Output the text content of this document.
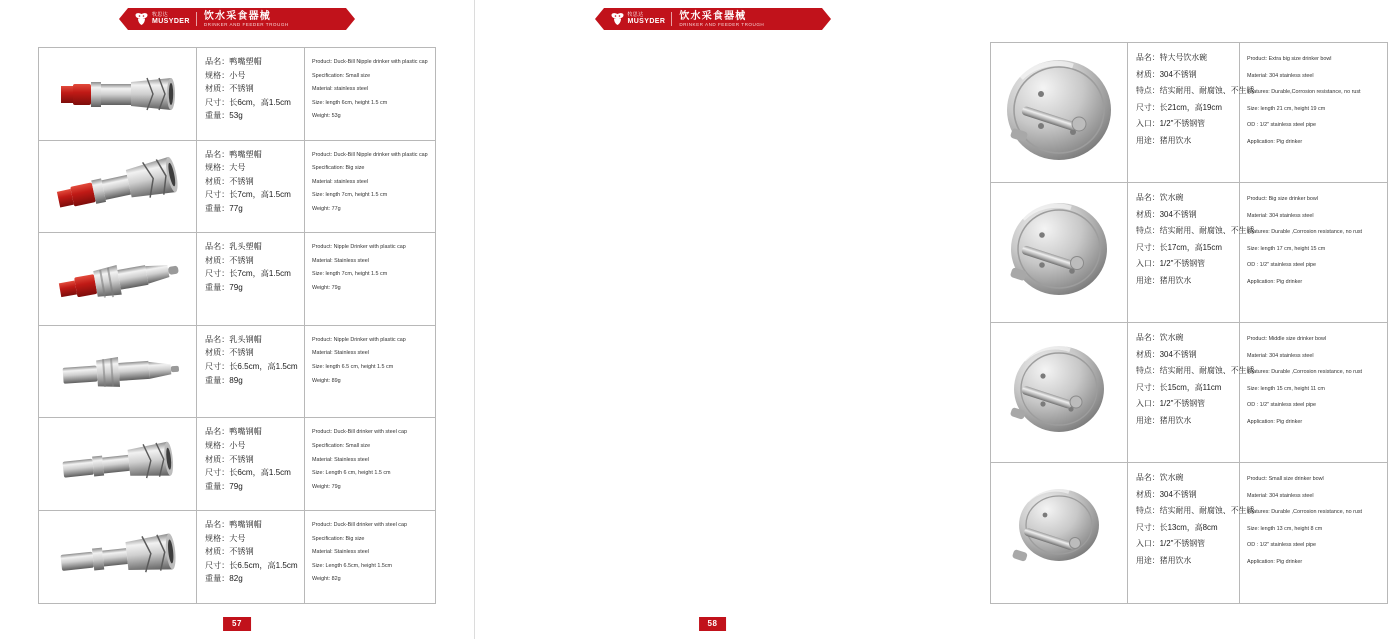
牧思达
MUSYDER 饮水采食器械
DRINKER AND FEEDER TROUGH
品名：鸭嘴塑帽
规格：小号
材质：不锈钢
尺寸：长6cm，高1.5cm
重量：53g
Product: Duck-Bill Nipple drinker with plastic cap
Specification: Small size
Material: stainless steel
Size: length 6cm, height 1.5 cm
Weight: 53g
品名：鸭嘴塑帽
规格：大号
材质：不锈钢
尺寸：长7cm，高1.5cm
重量：77g
Product: Duck-Bill Nipple drinker with plastic cap
Specification: Big size
Material: stainless steel
Size: length 7cm, height 1.5 cm
Weight: 77g
品名：乳头塑帽
材质：不锈钢
尺寸：长7cm，高1.5cm
重量：79g
Product: Nipple Drinker with plastic cap
Material: Stainless steel
Size: length 7cm, height 1.5 cm
Weight: 79g
品名：乳头钢帽
材质：不锈钢
尺寸：长6.5cm，高1.5cm
重量：89g
Product: Nipple Drinker with plastic cap
Material: Stainless steel
Size: length 6.5 cm, height 1.5 cm
Weight: 89g
品名：鸭嘴钢帽
规格：小号
材质：不锈钢
尺寸：长6cm，高1.5cm
重量：79g
Product: Duck-Bill drinker with steel cap
Specification: Small size
Material: Stainless steel
Size: Length 6 cm, height 1.5 cm
Weight: 79g
品名：鸭嘴钢帽
规格：大号
材质：不锈钢
尺寸：长6.5cm，高1.5cm
重量：82g
Product: Duck-Bill drinker with steel cap
Specification: Big size
Material: Stainless steel
Size: Length 6.5cm, height 1.5cm
Weight: 82g
57
牧思达
MUSYDER 饮水采食器械
DRINKER AND FEEDER TROUGH
品名：特大号饮水碗
材质：304不锈钢
特点：结实耐用、耐腐蚀、不生锈
尺寸：长21cm，高19cm
入口：1/2"不锈钢管
用途：猪用饮水
Product: Extra big size drinker bowl
Material: 304 stainless steel
Features: Durable,Corrosion resistance, no rust
Size: length 21 cm, height 19 cm
OD : 1/2" stainless steel pipe
Application: Pig drinker
品名：饮水碗
材质：304不锈钢
特点：结实耐用、耐腐蚀、不生锈
尺寸：长17cm，高15cm
入口：1/2"不锈钢管
用途：猪用饮水
Product: Big size drinker bowl
Material: 304 stainless steel
Features: Durable ,Corrosion resistance, no rust
Size: length 17 cm, height 15 cm
OD : 1/2" stainless steel pipe
Application: Pig drinker
品名：饮水碗
材质：304不锈钢
特点：结实耐用、耐腐蚀、不生锈
尺寸：长15cm，高11cm
入口：1/2"不锈钢管
用途：猪用饮水
Product: Middle size drinker bowl
Material: 304 stainless steel
Features: Durable ,Corrosion resistance, no rust
Size: length 15 cm, height 11 cm
OD : 1/2" stainless steel pipe
Application: Pig drinker
品名：饮水碗
材质：304不锈钢
特点：结实耐用、耐腐蚀、不生锈
尺寸：长13cm，高8cm
入口：1/2"不锈钢管
用途：猪用饮水
Product: Small size drinker bowl
Material: 304 stainless steel
Features: Durable ,Corrosion resistance, no rust
Size: length 13 cm, height 8 cm
OD : 1/2" stainless steel pipe
Application: Pig drinker
58
